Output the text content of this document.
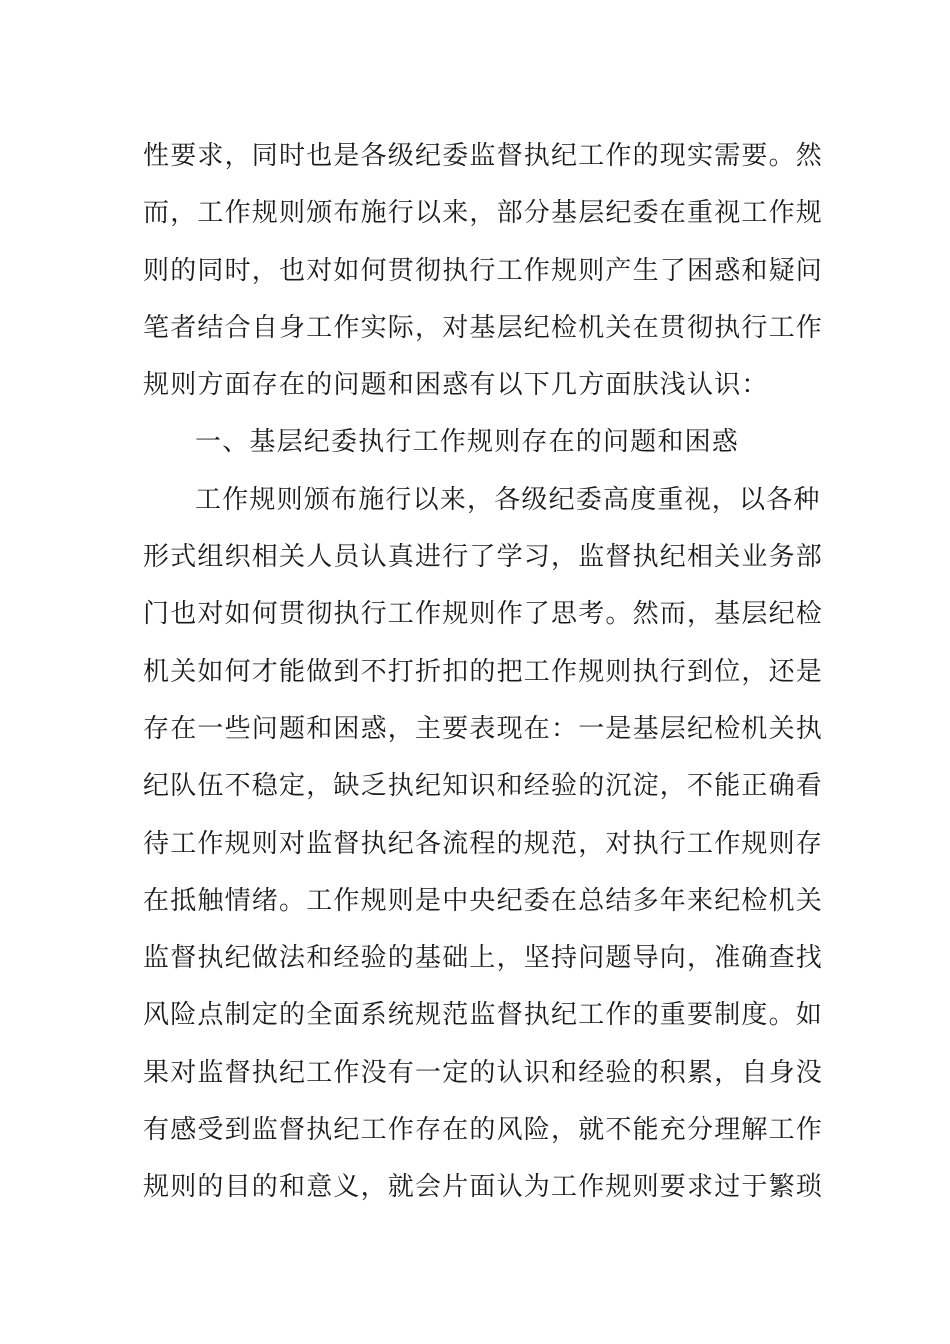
性要求，同时也是各级纪委监督执纪工作的现实需要。然
而，工作规则颁布施行以来，部分基层纪委在重视工作规
则的同时，也对如何贯彻执行工作规则产生了困惑和疑问
笔者结合自身工作实际，对基层纪检机关在贯彻执行工作
规则方面存在的问题和困惑有以下几方面肤浅认识：
一、基层纪委执行工作规则存在的问题和困惑
工作规则颁布施行以来，各级纪委高度重视，以各种
形式组织相关人员认真进行了学习，监督执纪相关业务部
门也对如何贯彻执行工作规则作了思考。然而，基层纪检
机关如何才能做到不打折扣的把工作规则执行到位，还是
存在一些问题和困惑，主要表现在：一是基层纪检机关执
纪队伍不稳定，缺乏执纪知识和经验的沉淀，不能正确看
待工作规则对监督执纪各流程的规范，对执行工作规则存
在抵触情绪。工作规则是中央纪委在总结多年来纪检机关
监督执纪做法和经验的基础上，坚持问题导向，准确查找
风险点制定的全面系统规范监督执纪工作的重要制度。如
果对监督执纪工作没有一定的认识和经验的积累，自身没
有感受到监督执纪工作存在的风险，就不能充分理解工作
规则的目的和意义，就会片面认为工作规则要求过于繁琐
